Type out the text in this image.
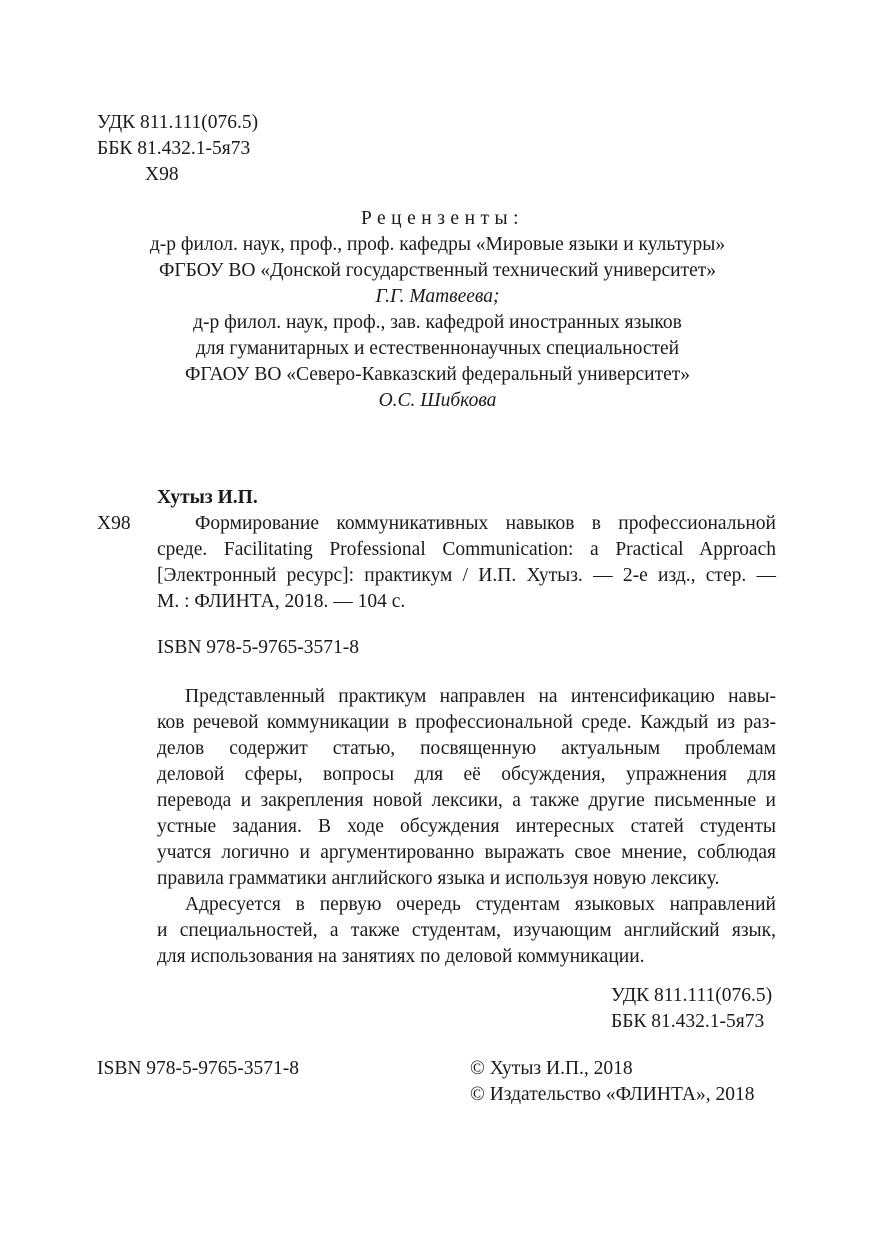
УДК 811.111(076.5)
ББК 81.432.1-5я73
Х98
Рецензенты:
д-р филол. наук, проф., проф. кафедры «Мировые языки и культуры»
ФГБОУ ВО «Донской государственный технический университет»
Г.Г. Матвеева;
д-р филол. наук, проф., зав. кафедрой иностранных языков
для гуманитарных и естественнонаучных специальностей
ФГАОУ ВО «Северо-Кавказский федеральный университет»
О.С. Шибкова
Хутыз И.П.
Х98	Формирование коммуникативных навыков в профессиональной
среде. Facilitating Professional Communication: a Practical Approach
[Электронный ресурс]: практикум / И.П. Хутыз. — 2-е изд., стер. —
М. : ФЛИНТА, 2018. — 104 с.
ISBN 978-5-9765-3571-8
Представленный практикум направлен на интенсификацию навы-
ков речевой коммуникации в профессиональной среде. Каждый из раз-
делов содержит статью, посвященную актуальным проблемам
деловой сферы, вопросы для её обсуждения, упражнения для
перевода и закрепления новой лексики, а также другие письменные и
устные задания. В ходе обсуждения интересных статей студенты
учатся логично и аргументированно выражать свое мнение, соблюдая
правила грамматики английского языка и используя новую лексику.
Адресуется в первую очередь студентам языковых направлений
и специальностей, а также студентам, изучающим английский язык,
для использования на занятиях по деловой коммуникации.
УДК 811.111(076.5)
ББК 81.432.1-5я73
ISBN 978-5-9765-3571-8	© Хутыз И.П., 2018
© Издательство «ФЛИНТА», 2018
